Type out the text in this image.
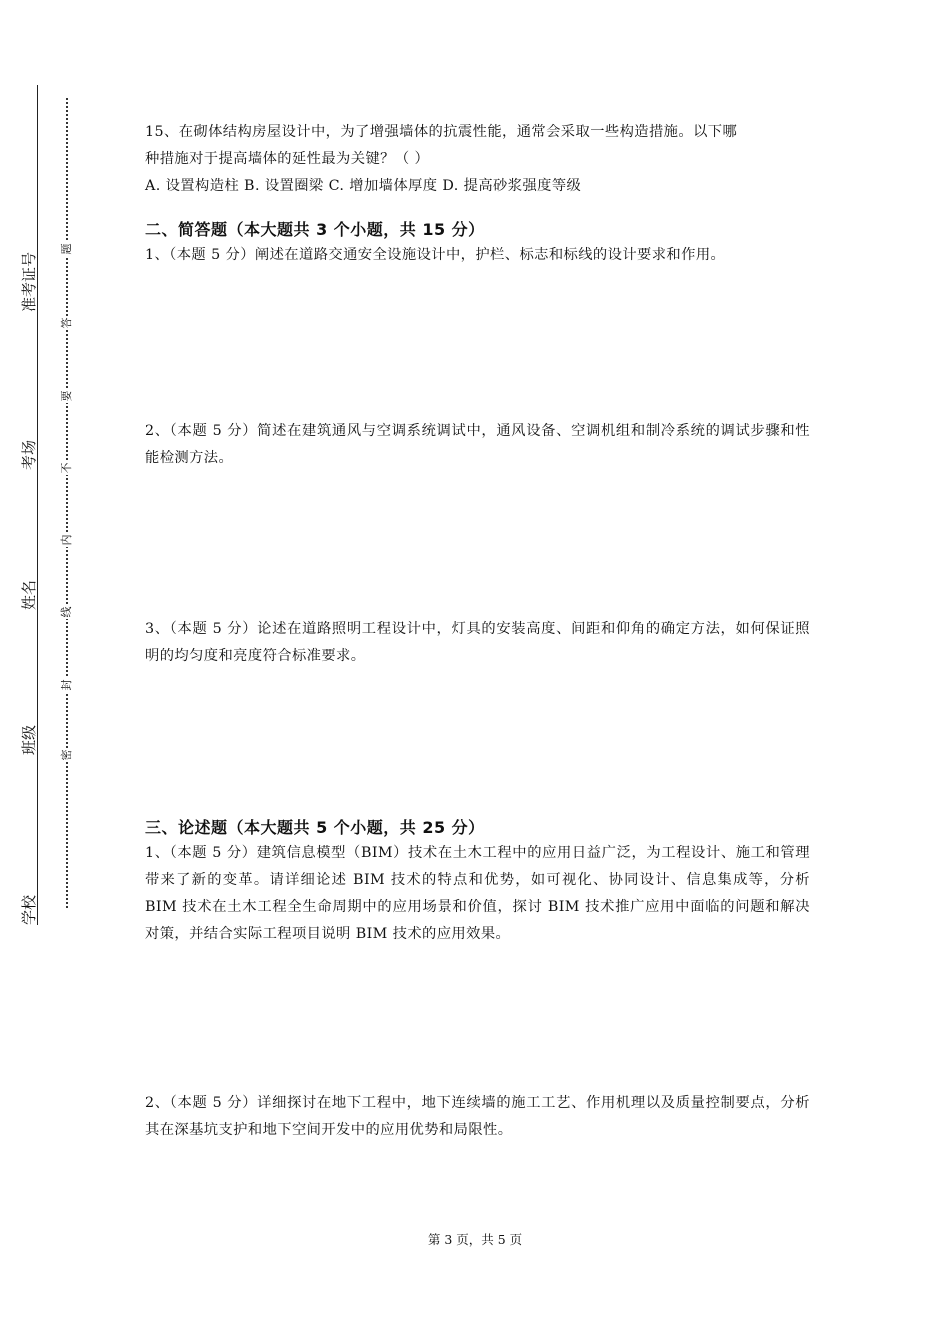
学校
班级
姓名
考场
准考证号
题
答
要
不
内
线
封
密

15、在砌体结构房屋设计中，为了增强墙体的抗震性能，通常会采取一些构造措施。以下哪

种措施对于提高墙体的延性最为关键？（ ）

A. 设置构造柱 B. 设置圈梁 C. 增加墙体厚度 D. 提高砂浆强度等级

二、简答题（本大题共 3 个小题，共 15 分）
1、（本题 5 分）阐述在道路交通安全设施设计中，护栏、标志和标线的设计要求和作用。
2、（本题 5 分）简述在建筑通风与空调系统调试中，通风设备、空调机组和制冷系统的调试步骤和性能检测方法。
3、（本题 5 分）论述在道路照明工程设计中，灯具的安装高度、间距和仰角的确定方法，如何保证照明的均匀度和亮度符合标准要求。
三、论述题（本大题共 5 个小题，共 25 分）
1、（本题 5 分）建筑信息模型（BIM）技术在土木工程中的应用日益广泛，为工程设计、施工和管理带来了新的变革。请详细论述 BIM 技术的特点和优势，如可视化、协同设计、信息集成等，分析 BIM 技术在土木工程全生命周期中的应用场景和价值，探讨 BIM 技术推广应用中面临的问题和解决对策，并结合实际工程项目说明 BIM 技术的应用效果。
2、（本题 5 分）详细探讨在地下工程中，地下连续墙的施工工艺、作用机理以及质量控制要点，分析其在深基坑支护和地下空间开发中的应用优势和局限性。
第 3 页，共 5 页
